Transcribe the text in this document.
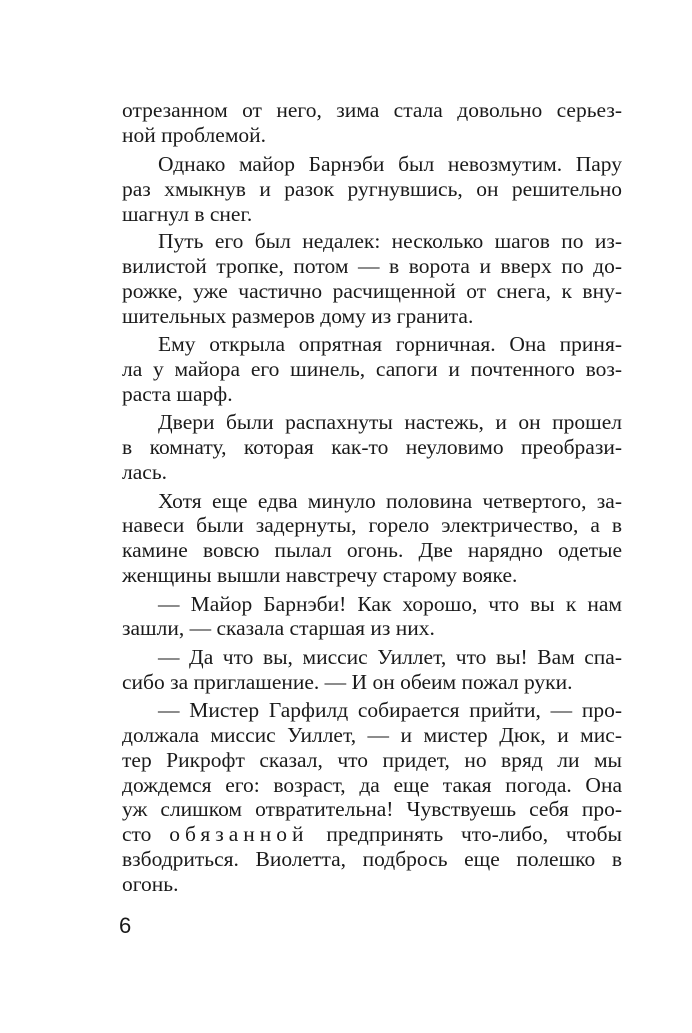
отрезанном от него, зима стала довольно серьез-
ной проблемой.
Однако майор Барнэби был невозмутим. Пару
раз хмыкнув и разок ругнувшись, он решительно
шагнул в снег.
Путь его был недалек: несколько шагов по из-
вилистой тропке, потом — в ворота и вверх по до-
рожке, уже частично расчищенной от снега, к вну-
шительных размеров дому из гранита.
Ему открыла опрятная горничная. Она приня-
ла у майора его шинель, сапоги и почтенного воз-
раста шарф.
Двери были распахнуты настежь, и он прошел
в комнату, которая как-то неуловимо преобрази-
лась.
Хотя еще едва минуло половина четвертого, за-
навеси были задернуты, горело электричество, а в
камине вовсю пылал огонь. Две нарядно одетые
женщины вышли навстречу старому вояке.
— Майор Барнэби! Как хорошо, что вы к нам
зашли, — сказала старшая из них.
— Да что вы, миссис Уиллет, что вы! Вам спа-
сибо за приглашение. — И он обеим пожал руки.
— Мистер Гарфилд собирается прийти, — про-
должала миссис Уиллет, — и мистер Дюк, и мис-
тер Рикрофт сказал, что придет, но вряд ли мы
дождемся его: возраст, да еще такая погода. Она
уж слишком отвратительна! Чувствуешь себя про-
сто обязанной предпринять что-либо, чтобы
взбодриться. Виолетта, подбрось еще полешко в
огонь.
6
